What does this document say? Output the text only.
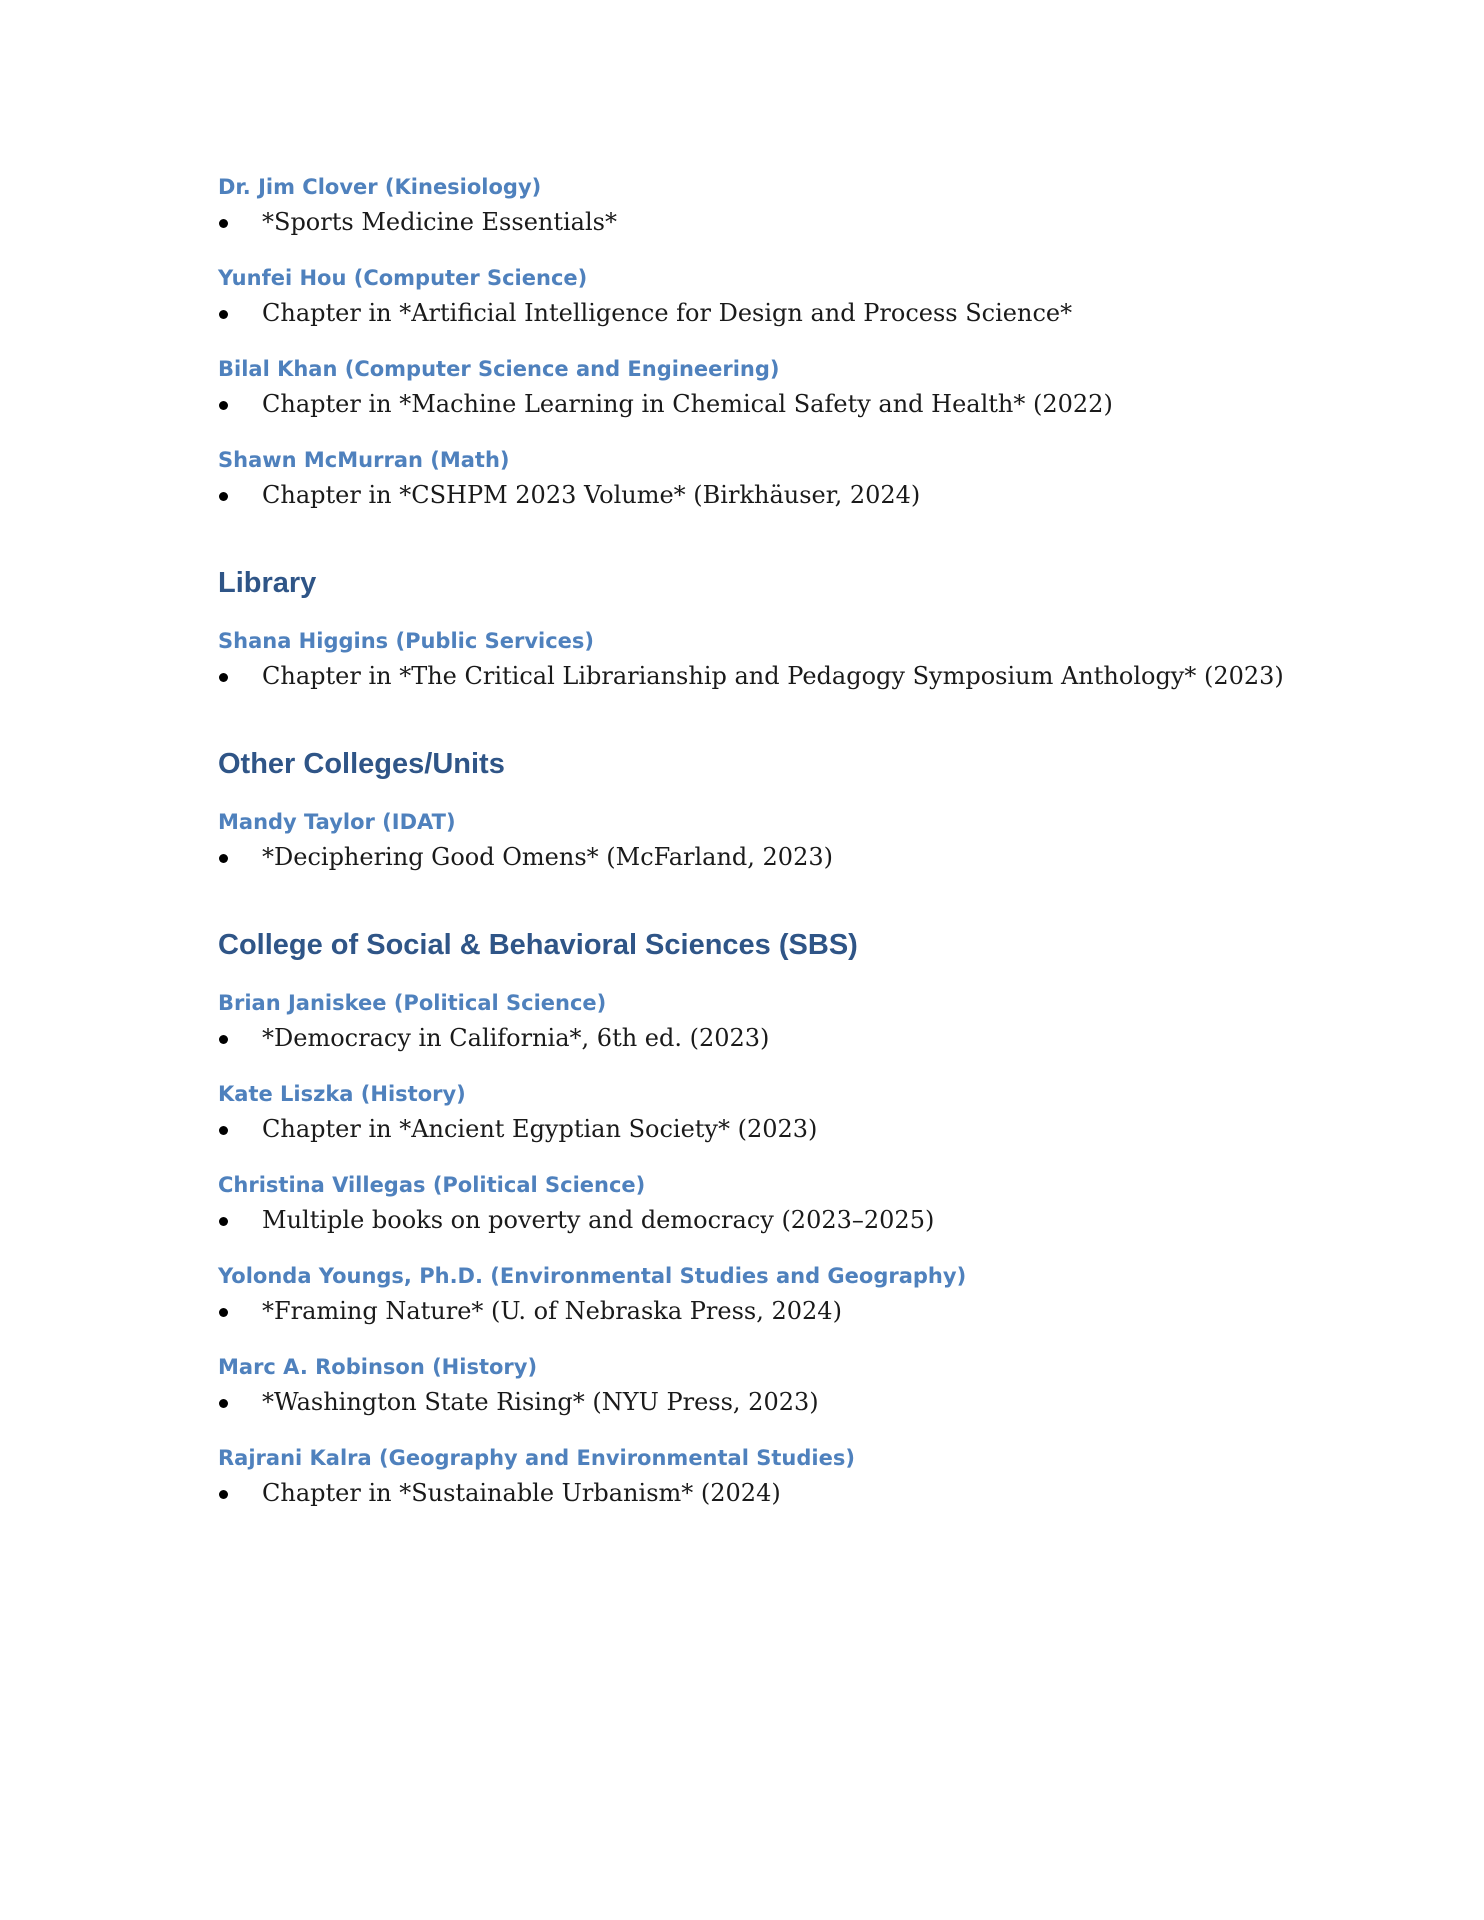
Dr. Jim Clover (Kinesiology)

*Sports Medicine Essentials*

Yunfei Hou (Computer Science)

Chapter in *Artificial Intelligence for Design and Process Science*

Bilal Khan (Computer Science and Engineering)

Chapter in *Machine Learning in Chemical Safety and Health* (2022)

Shawn McMurran (Math)

Chapter in *CSHPM 2023 Volume* (Birkhäuser, 2024)
Library

Shana Higgins (Public Services)

Chapter in *The Critical Librarianship and Pedagogy Symposium Anthology* (2023)
Other Colleges/Units

Mandy Taylor (IDAT)

*Deciphering Good Omens* (McFarland, 2023)
College of Social & Behavioral Sciences (SBS)

Brian Janiskee (Political Science)

*Democracy in California*, 6th ed. (2023)

Kate Liszka (History)

Chapter in *Ancient Egyptian Society* (2023)

Christina Villegas (Political Science)

Multiple books on poverty and democracy (2023–2025)

Yolonda Youngs, Ph.D. (Environmental Studies and Geography)

*Framing Nature* (U. of Nebraska Press, 2024)

Marc A. Robinson (History)

*Washington State Rising* (NYU Press, 2023)

Rajrani Kalra (Geography and Environmental Studies)

Chapter in *Sustainable Urbanism* (2024)
